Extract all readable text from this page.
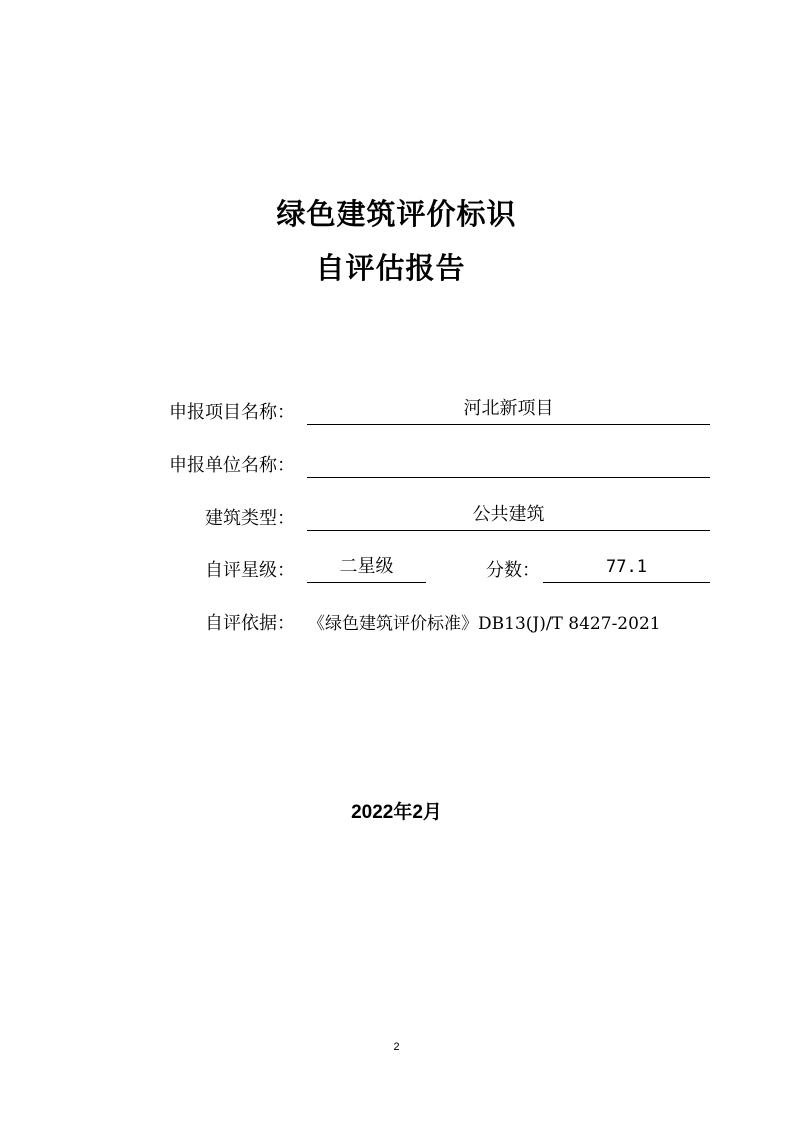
绿色建筑评价标识
自评估报告
申报项目名称：	河北新项目
申报单位名称：
建筑类型：	公共建筑
自评星级：	二星级	分数：	77.1
自评依据： 《绿色建筑评价标准》DB13(J)/T 8427-2021
2022年2月
2
